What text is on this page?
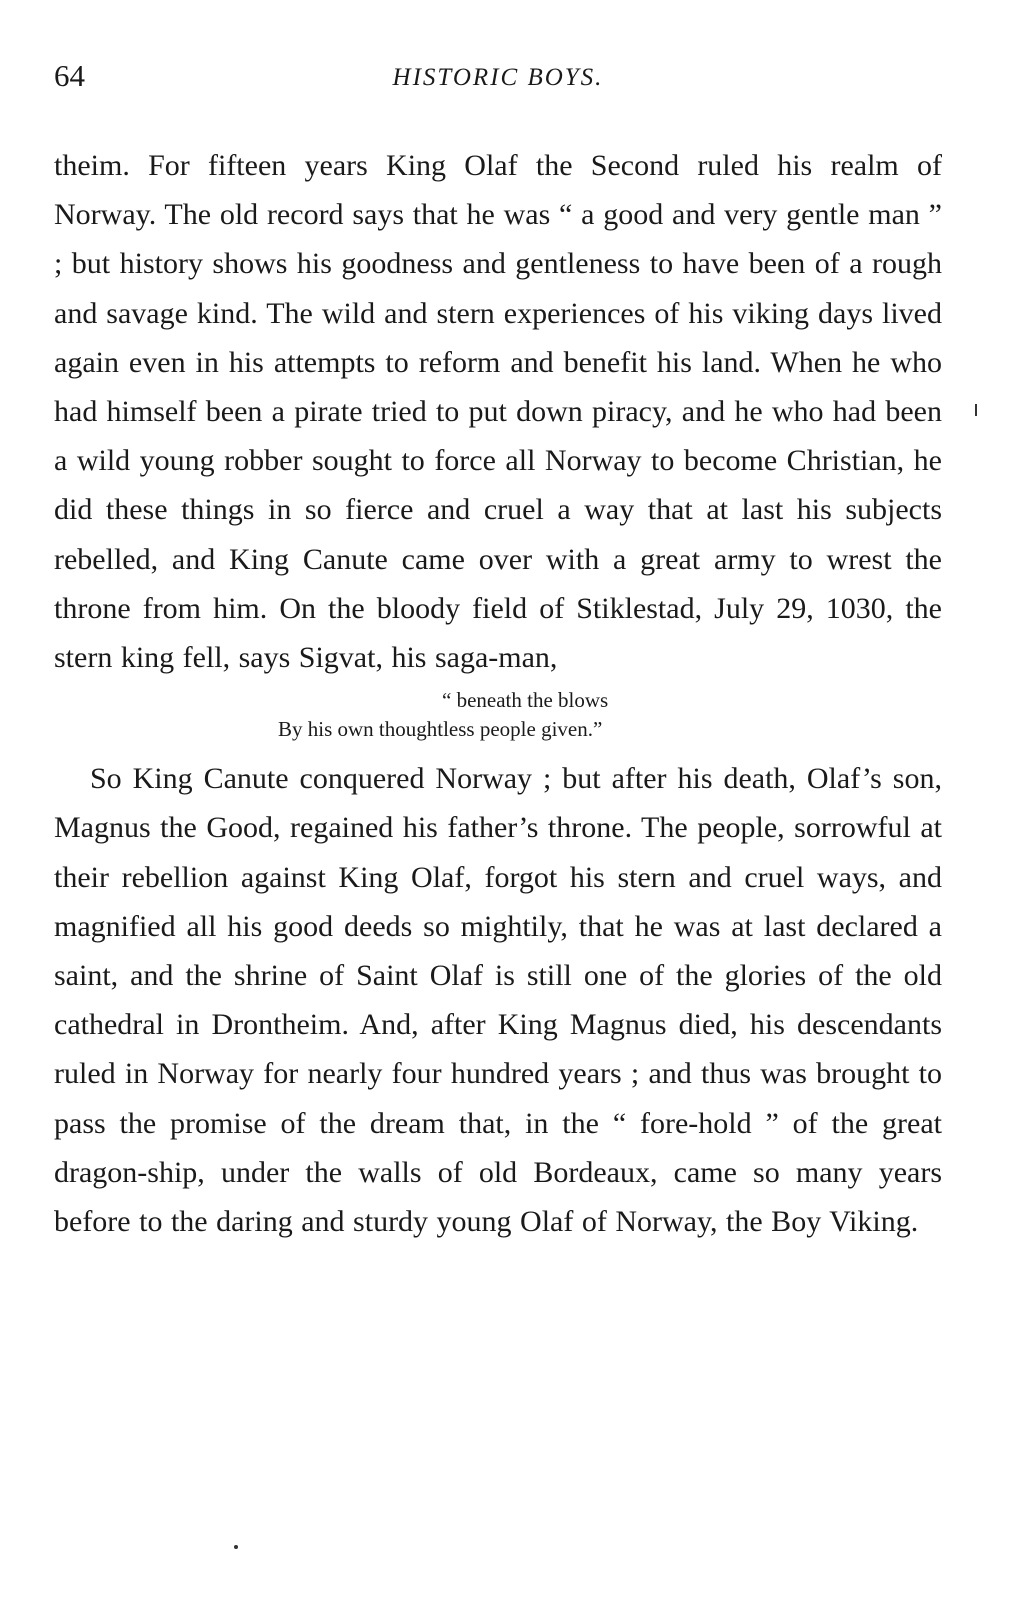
64	HISTORIC BOYS.

theim. For fifteen years King Olaf the Second ruled his realm of Norway. The old record says that he was “ a good and very gentle man ” ; but history shows his goodness and gentleness to have been of a rough and savage kind. The wild and stern experiences of his viking days lived again even in his attempts to reform and benefit his land. When he who had himself been a pirate tried to put down piracy, and he who had been a wild young robber sought to force all Norway to become Christian, he did these things in so fierce and cruel a way that at last his subjects rebelled, and King Canute came over with a great army to wrest the throne from him. On the bloody field of Stiklestad, July 29, 1030, the stern king fell, says Sigvat, his saga-man,

“ beneath the blows
By his own thoughtless people given.”

So King Canute conquered Norway ; but after his death, Olaf’s son, Magnus the Good, regained his father’s throne. The people, sorrowful at their rebellion against King Olaf, forgot his stern and cruel ways, and magnified all his good deeds so mightily, that he was at last declared a saint, and the shrine of Saint Olaf is still one of the glories of the old cathedral in Drontheim. And, after King Magnus died, his descendants ruled in Norway for nearly four hundred years ; and thus was brought to pass the promise of the dream that, in the “ fore-hold ” of the great dragon-ship, under the walls of old Bordeaux, came so many years before to the daring and sturdy young Olaf of Norway, the Boy Viking.
